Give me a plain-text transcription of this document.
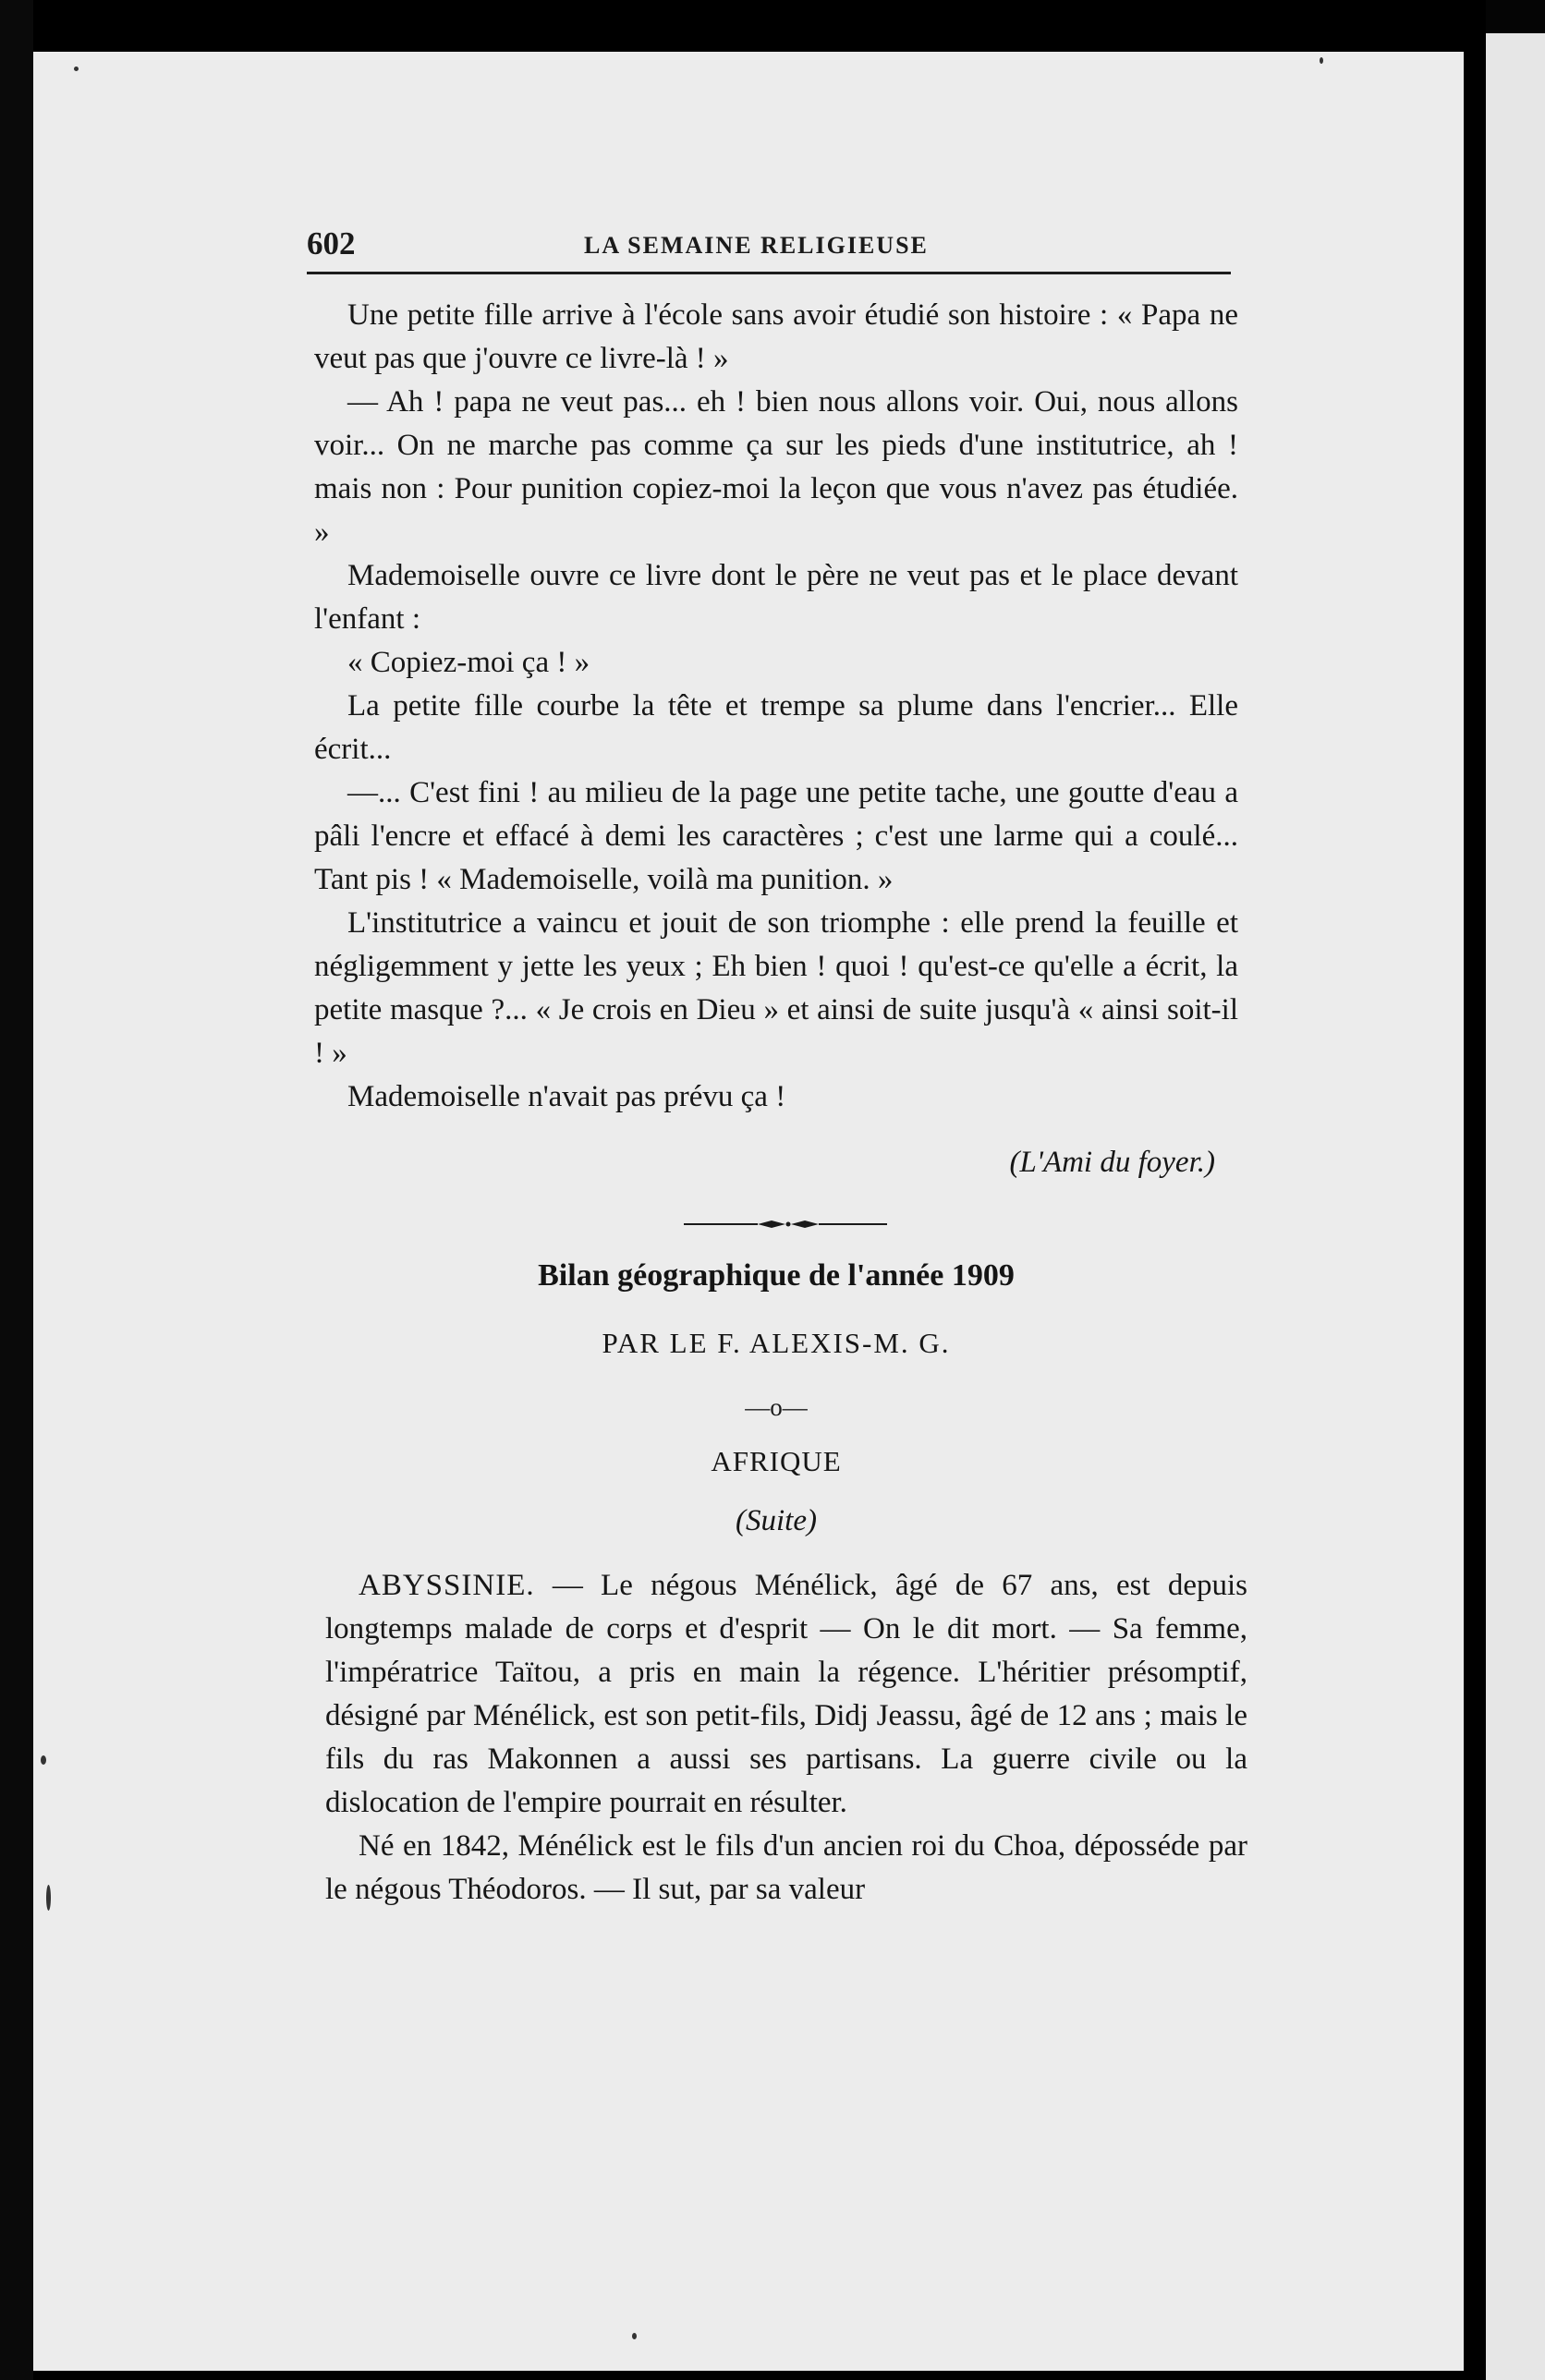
602	LA SEMAINE RELIGIEUSE

Une petite fille arrive à l'école sans avoir étudié son histoire : « Papa ne veut pas que j'ouvre ce livre-là ! »

— Ah ! papa ne veut pas... eh ! bien nous allons voir. Oui, nous allons voir... On ne marche pas comme ça sur les pieds d'une institutrice, ah ! mais non : Pour punition copiez-moi la leçon que vous n'avez pas étudiée. »

Mademoiselle ouvre ce livre dont le père ne veut pas et le place devant l'enfant :

« Copiez-moi ça ! »

La petite fille courbe la tête et trempe sa plume dans l'encrier... Elle écrit...

—... C'est fini ! au milieu de la page une petite tache, une goutte d'eau a pâli l'encre et effacé à demi les caractères ; c'est une larme qui a coulé... Tant pis ! « Mademoiselle, voilà ma punition. »

L'institutrice a vaincu et jouit de son triomphe : elle prend la feuille et négligemment y jette les yeux ; Eh bien ! quoi ! qu'est-ce qu'elle a écrit, la petite masque ?... « Je crois en Dieu » et ainsi de suite jusqu'à « ainsi soit-il ! »

Mademoiselle n'avait pas prévu ça !

(L'Ami du foyer.)
Bilan géographique de l'année 1909
PAR LE F. ALEXIS-M. G.
—o—
AFRIQUE
(Suite)

ABYSSINIE. — Le négous Ménélick, âgé de 67 ans, est depuis longtemps malade de corps et d'esprit — On le dit mort. — Sa femme, l'impératrice Taïtou, a pris en main la régence. L'héritier présomptif, désigné par Ménélick, est son petit-fils, Didj Jeassu, âgé de 12 ans ; mais le fils du ras Makonnen a aussi ses partisans. La guerre civile ou la dislocation de l'empire pourrait en résulter.

Né en 1842, Ménélick est le fils d'un ancien roi du Choa, déposséde par le négous Théodoros. — Il sut, par sa valeur
